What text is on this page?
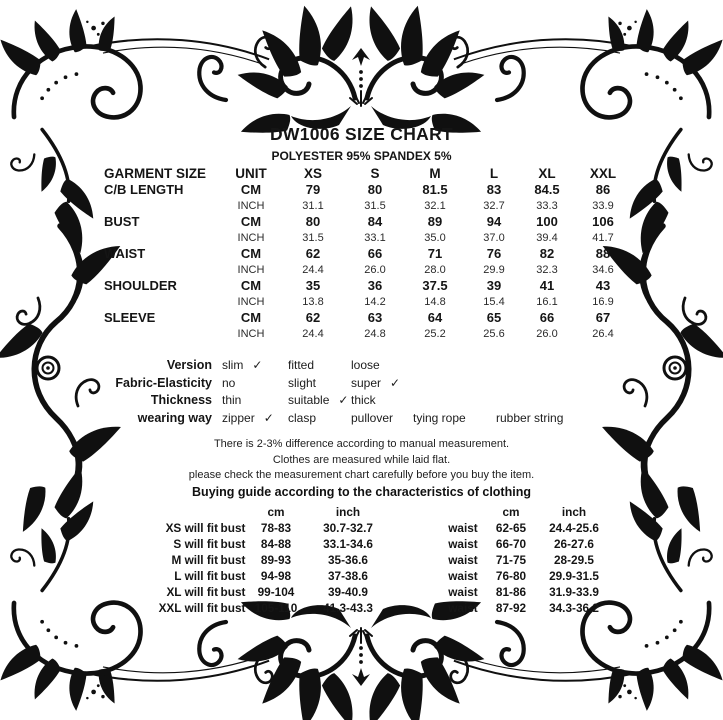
DW1006 SIZE CHART
POLYESTER 95% SPANDEX 5%
GARMENT SIZE	UNIT	XS	S	M	L	XL	XXL
C/B LENGTH	CM	79	80	81.5	83	84.5	86
INCH	31.1	31.5	32.1	32.7	33.3	33.9
BUST	CM	80	84	89	94	100	106
INCH	31.5	33.1	35.0	37.0	39.4	41.7
WAIST	CM	62	66	71	76	82	88
INCH	24.4	26.0	28.0	29.9	32.3	34.6
SHOULDER	CM	35	36	37.5	39	41	43
INCH	13.8	14.2	14.8	15.4	16.1	16.9
SLEEVE	CM	62	63	64	65	66	67
INCH	24.4	24.8	25.2	25.6	26.0	26.4
Version slim ✓ fitted	loose
Fabric-Elasticity no	slight	super ✓
Thickness thin	suitable ✓ thick
wearing way zipper ✓ clasp	pullover tying rope	rubber string
There is 2-3% difference according to manual measurement.
Clothes are measured while laid flat.
please check the measurement chart carefully before you buy the item.
Buying guide according to the characteristics of clothing
cm	inch	cm	inch
XS will fit bust	78-83	30.7-32.7	waist	62-65	24.4-25.6
S will fit bust	84-88	33.1-34.6	waist	66-70	26-27.6
M will fit bust	89-93	35-36.6	waist	71-75	28-29.5
L will fit bust	94-98	37-38.6	waist	76-80	29.9-31.5
XL will fit bust	99-104	39-40.9	waist	81-86	31.9-33.9
XXL will fit bust 105-110	41.3-43.3	waist	87-92	34.3-36.2
